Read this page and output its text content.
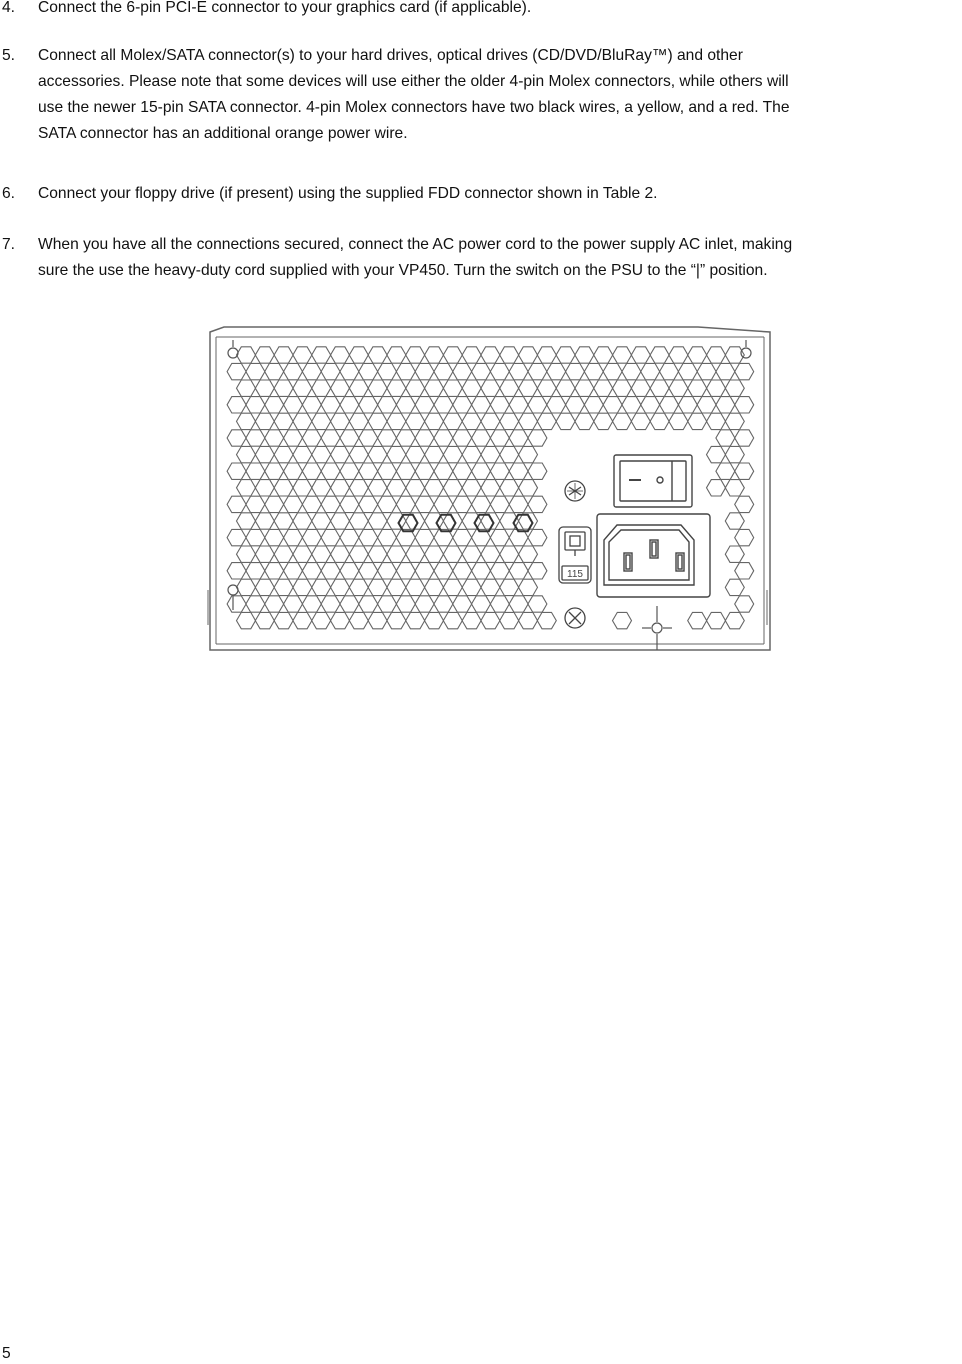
4. Connect the 6-pin PCI-E connector to your graphics card (if applicable).
5. Connect all Molex/SATA connector(s) to your hard drives, optical drives (CD/DVD/BluRay™) and other
accessories. Please note that some devices will use either the older 4-pin Molex connectors, while others will
use the newer 15-pin SATA connector. 4-pin Molex connectors have two black wires, a yellow, and a red. The
SATA connector has an additional orange power wire.
6. Connect your floppy drive (if present) using the supplied FDD connector shown in Table 2.
7. When you have all the connections secured, connect the AC power cord to the power supply AC inlet, making
sure the use the heavy-duty cord supplied with your VP450. Turn the switch on the PSU to the “|” position.
115
5
